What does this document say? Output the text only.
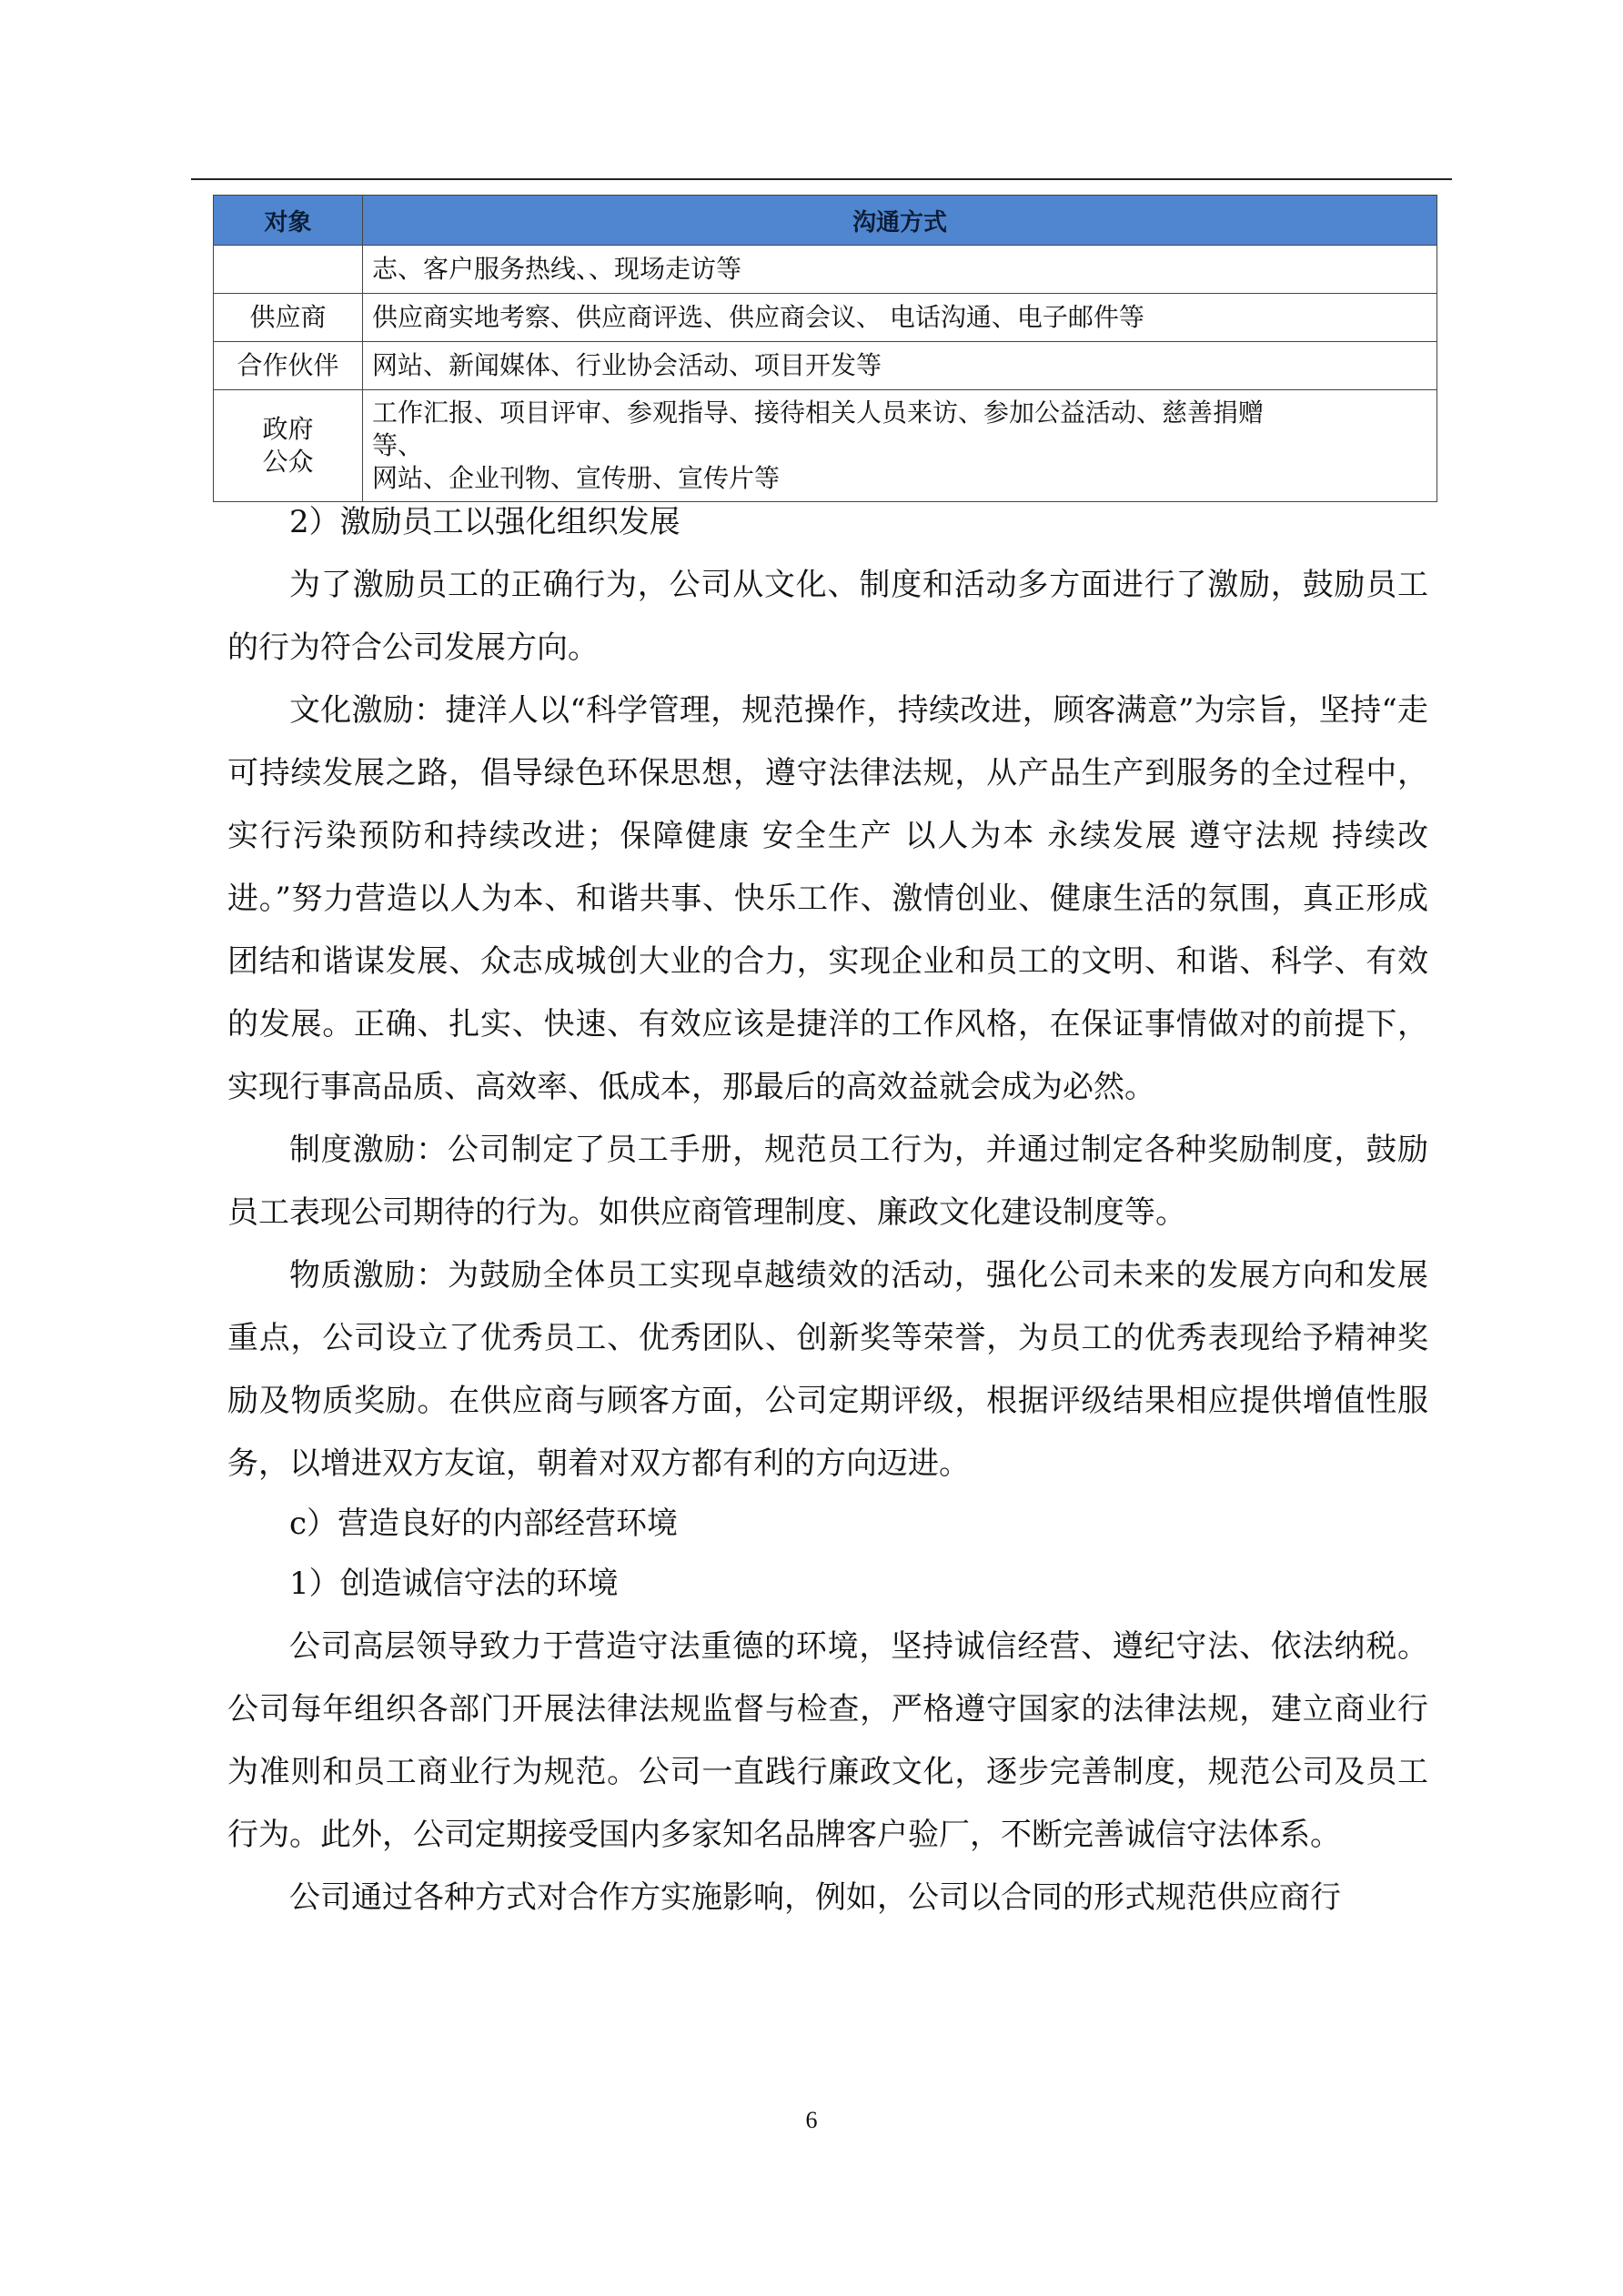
对象	沟通方式

	志、客户服务热线、、现场走访等

供应商	供应商实地考察、供应商评选、供应商会议、 电话沟通、电子邮件等

合作伙伴	网站、新闻媒体、行业协会活动、项目开发等

政府
公众	工作汇报、项目评审、参观指导、接待相关人员来访、参加公益活动、慈善捐赠
等、
网站、企业刊物、宣传册、宣传片等

2）激励员工以强化组织发展

为了激励员工的正确行为，公司从文化、制度和活动多方面进行了激励，鼓励员工的行为符合公司发展方向。

文化激励：捷洋人以“科学管理，规范操作，持续改进，顾客满意”为宗旨，坚持“走可持续发展之路，倡导绿色环保思想，遵守法律法规，从产品生产到服务的全过程中，实行污染预防和持续改进；保障健康 安全生产 以人为本 永续发展 遵守法规 持续改进。”努力营造以人为本、和谐共事、快乐工作、激情创业、健康生活的氛围，真正形成团结和谐谋发展、众志成城创大业的合力，实现企业和员工的文明、和谐、科学、有效的发展。正确、扎实、快速、有效应该是捷洋的工作风格，在保证事情做对的前提下，实现行事高品质、高效率、低成本，那最后的高效益就会成为必然。

制度激励：公司制定了员工手册，规范员工行为，并通过制定各种奖励制度，鼓励员工表现公司期待的行为。如供应商管理制度、廉政文化建设制度等。

物质激励：为鼓励全体员工实现卓越绩效的活动，强化公司未来的发展方向和发展重点，公司设立了优秀员工、优秀团队、创新奖等荣誉，为员工的优秀表现给予精神奖励及物质奖励。在供应商与顾客方面，公司定期评级，根据评级结果相应提供增值性服务，以增进双方友谊，朝着对双方都有利的方向迈进。

c）营造良好的内部经营环境

1）创造诚信守法的环境

公司高层领导致力于营造守法重德的环境，坚持诚信经营、遵纪守法、依法纳税。公司每年组织各部门开展法律法规监督与检查，严格遵守国家的法律法规，建立商业行为准则和员工商业行为规范。公司一直践行廉政文化，逐步完善制度，规范公司及员工行为。此外，公司定期接受国内多家知名品牌客户验厂，不断完善诚信守法体系。

公司通过各种方式对合作方实施影响，例如，公司以合同的形式规范供应商行

6
